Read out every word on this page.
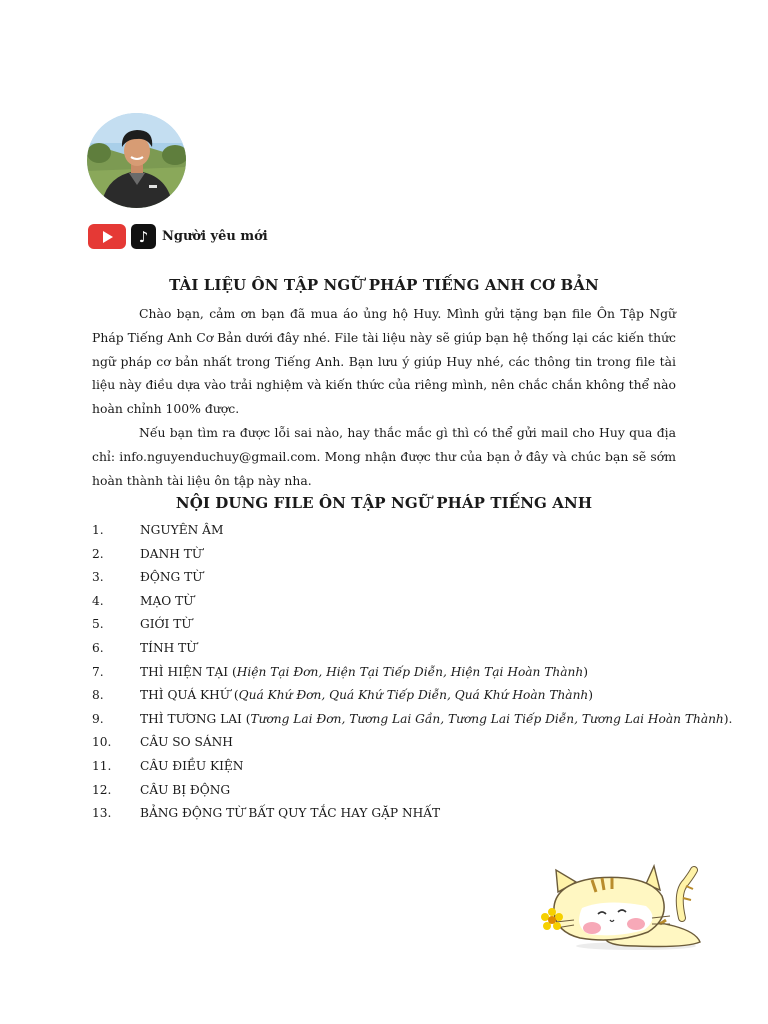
♪	Người yêu mới
TÀI LIỆU ÔN TẬP NGỮ PHÁP TIẾNG ANH CƠ BẢN

Chào bạn, cảm ơn bạn đã mua áo ủng hộ Huy. Mình gửi tặng bạn file Ôn Tập Ngữ Pháp Tiếng Anh Cơ Bản dưới đây nhé. File tài liệu này sẽ giúp bạn hệ thống lại các kiến thức ngữ pháp cơ bản nhất trong Tiếng Anh. Bạn lưu ý giúp Huy nhé, các thông tin trong file tài liệu này điều dựa vào trải nghiệm và kiến thức của riêng mình, nên chắc chắn không thể nào hoàn chỉnh 100% được.

Nếu bạn tìm ra được lỗi sai nào, hay thắc mắc gì thì có thể gửi mail cho Huy qua địa chỉ: info.nguyenduchuy@gmail.com. Mong nhận được thư của bạn ở đây và chúc bạn sẽ sớm hoàn thành tài liệu ôn tập này nha.

NỘI DUNG FILE ÔN TẬP NGỮ PHÁP TIẾNG ANH
1.	NGUYÊN ÂM
2.	DANH TỪ
3.	ĐỘNG TỪ
4.	MẠO TỪ
5.	GIỚI TỪ
6.	TÍNH TỪ
7.	THÌ HIỆN TẠI (Hiện Tại Đơn, Hiện Tại Tiếp Diễn, Hiện Tại Hoàn Thành)
8.	THÌ QUÁ KHỨ (Quá Khứ Đơn, Quá Khứ Tiếp Diễn, Quá Khứ Hoàn Thành)
9.	THÌ TƯƠNG LAI (Tương Lai Đơn, Tương Lai Gần, Tương Lai Tiếp Diễn, Tương Lai Hoàn Thành).
10.	CÂU SO SÁNH
11.	CÂU ĐIỀU KIỆN
12.	CÂU BỊ ĐỘNG
13.	BẢNG ĐỘNG TỪ BẤT QUY TẮC HAY GẶP NHẤT
